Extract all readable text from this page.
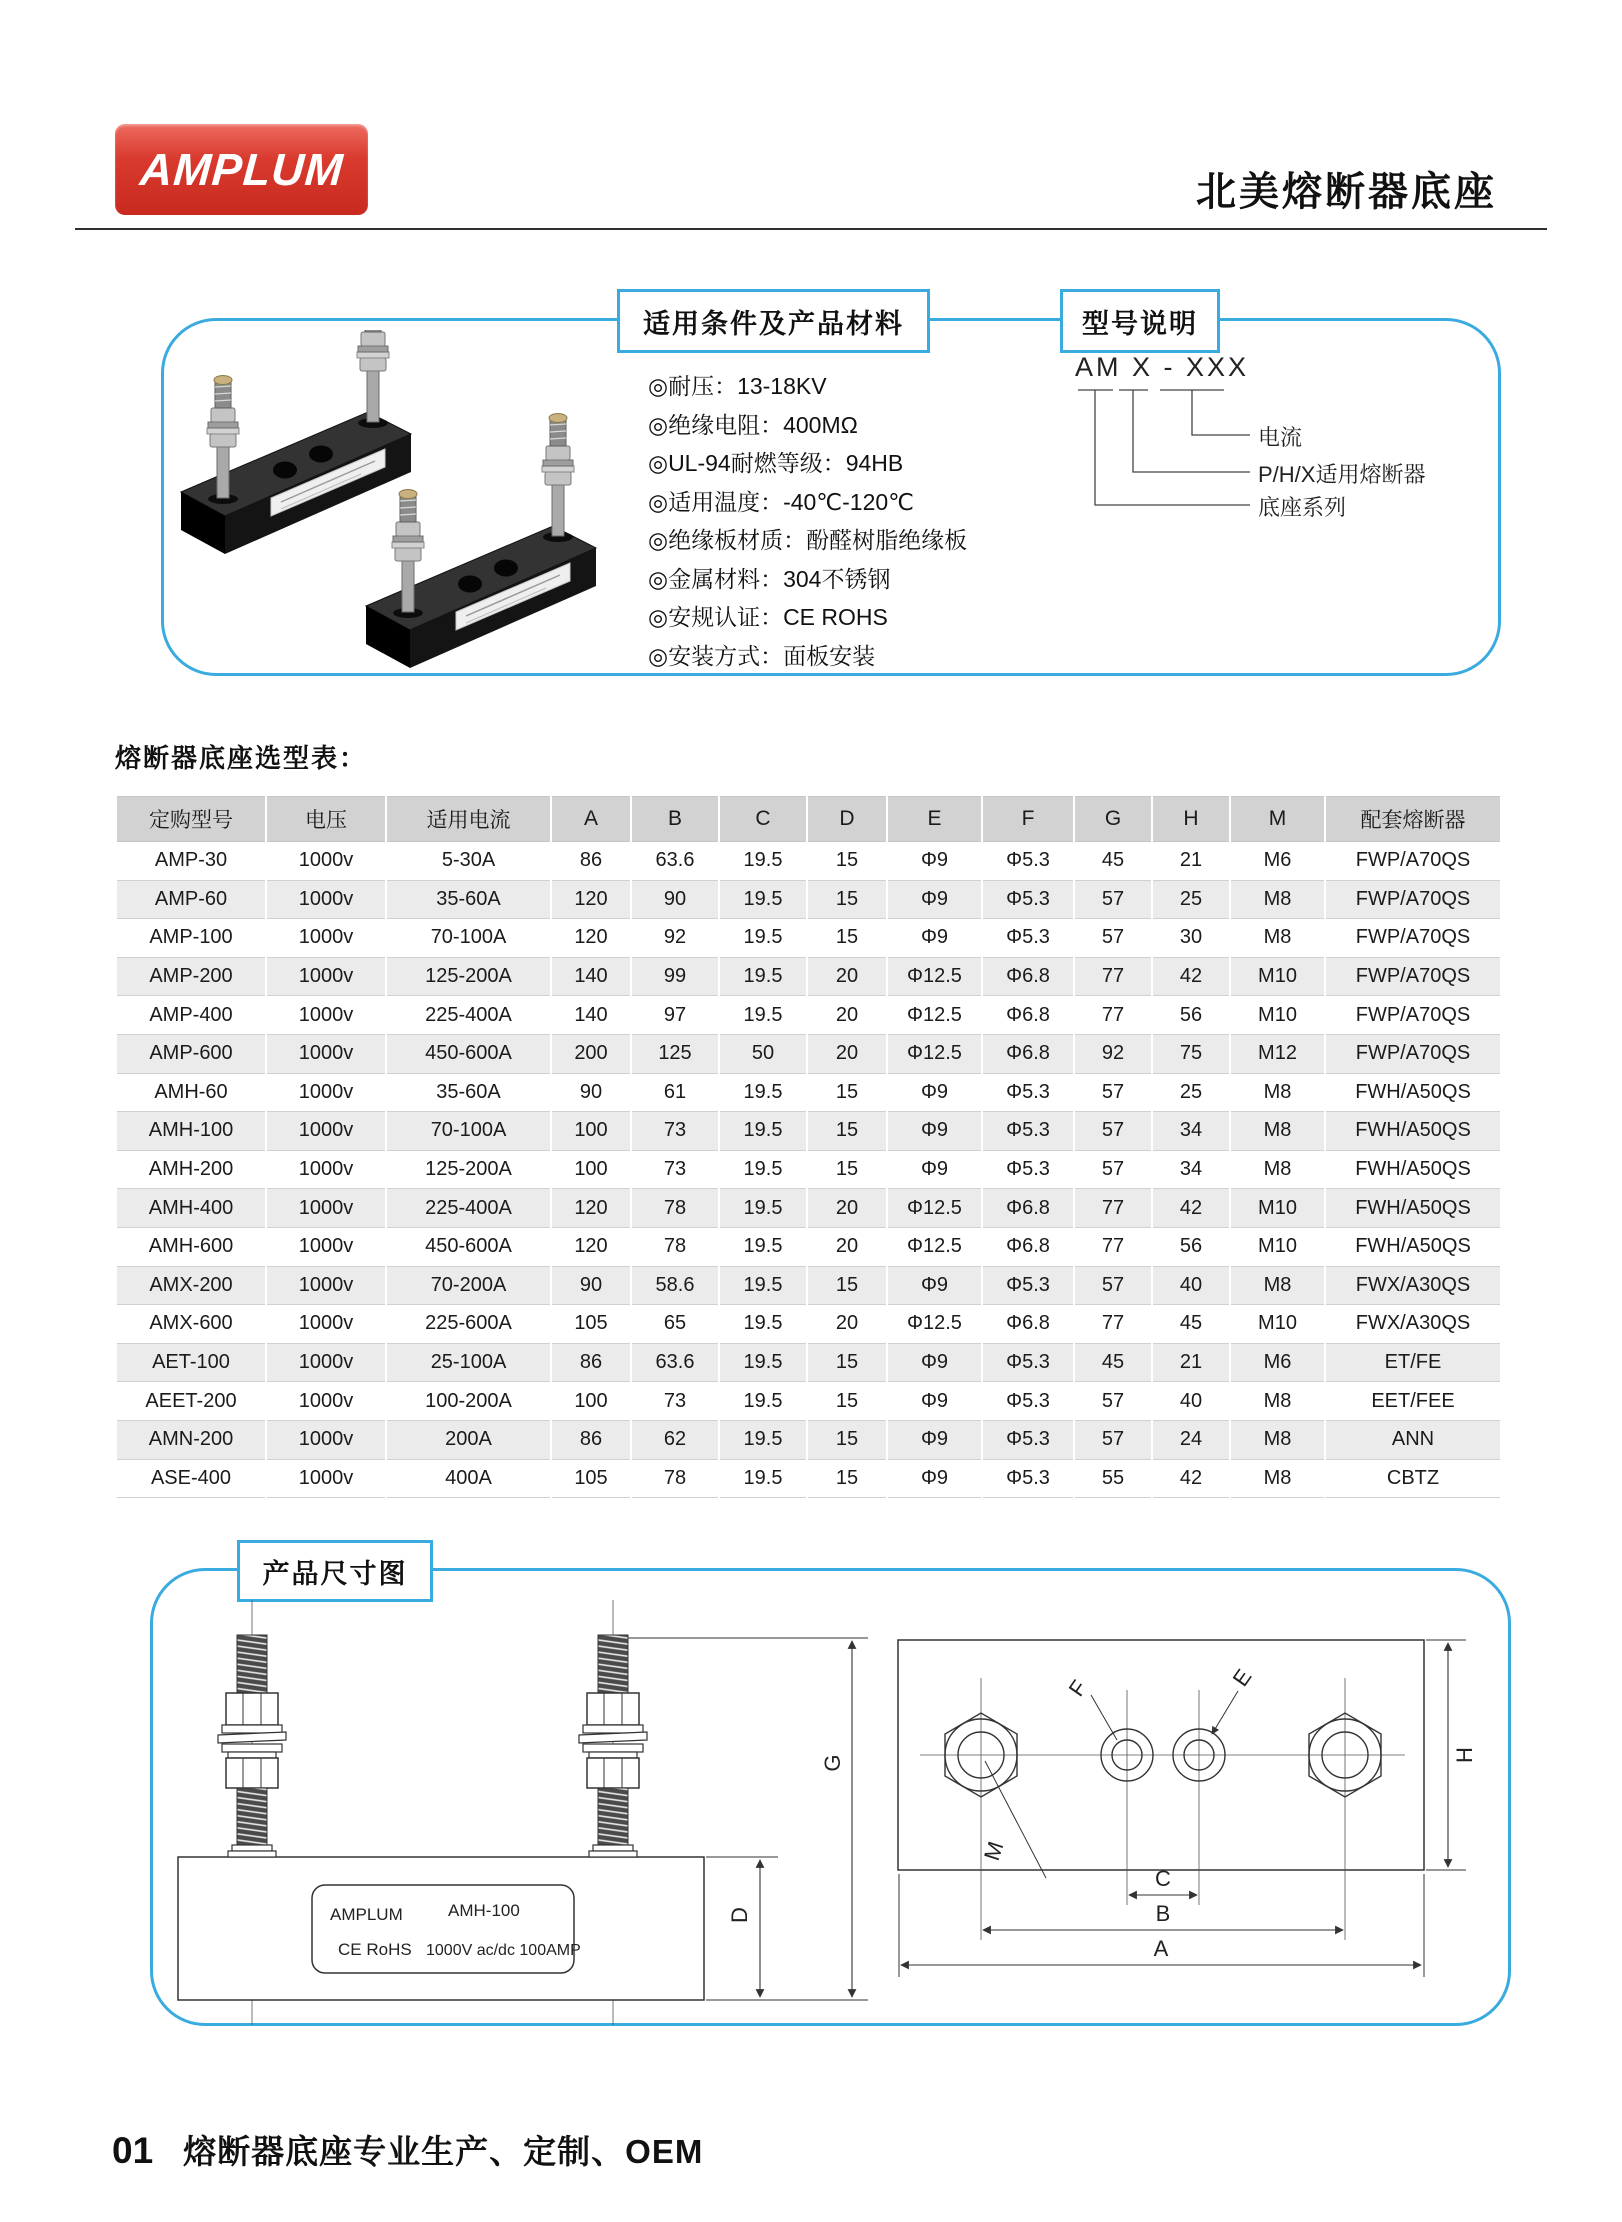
AMPLUM	北美熔断器底座
适用条件及产品材料	型号说明
◎耐压：13-18KV
◎绝缘电阻：400MΩ
◎UL-94耐燃等级：94HB
◎适用温度：-40℃-120℃
◎绝缘板材质：酚醛树脂绝缘板
◎金属材料：304不锈钢
◎安规认证：CE ROHS
◎安装方式：面板安装
AM X - XXX
电流
P/H/X适用熔断器
底座系列
熔断器底座选型表：
定购型号	电压	适用电流	A	B	C	D	E	F	G	H	M	配套熔断器
AMP-30	1000v	5-30A	86	63.6	19.5	15	Φ9	Φ5.3	45	21	M6	FWP/A70QS
AMP-60	1000v	35-60A	120	90	19.5	15	Φ9	Φ5.3	57	25	M8	FWP/A70QS
AMP-100	1000v	70-100A	120	92	19.5	15	Φ9	Φ5.3	57	30	M8	FWP/A70QS
AMP-200	1000v	125-200A	140	99	19.5	20	Φ12.5	Φ6.8	77	42	M10	FWP/A70QS
AMP-400	1000v	225-400A	140	97	19.5	20	Φ12.5	Φ6.8	77	56	M10	FWP/A70QS
AMP-600	1000v	450-600A	200	125	50	20	Φ12.5	Φ6.8	92	75	M12	FWP/A70QS
AMH-60	1000v	35-60A	90	61	19.5	15	Φ9	Φ5.3	57	25	M8	FWH/A50QS
AMH-100	1000v	70-100A	100	73	19.5	15	Φ9	Φ5.3	57	34	M8	FWH/A50QS
AMH-200	1000v	125-200A	100	73	19.5	15	Φ9	Φ5.3	57	34	M8	FWH/A50QS
AMH-400	1000v	225-400A	120	78	19.5	20	Φ12.5	Φ6.8	77	42	M10	FWH/A50QS
AMH-600	1000v	450-600A	120	78	19.5	20	Φ12.5	Φ6.8	77	56	M10	FWH/A50QS
AMX-200	1000v	70-200A	90	58.6	19.5	15	Φ9	Φ5.3	57	40	M8	FWX/A30QS
AMX-600	1000v	225-600A	105	65	19.5	20	Φ12.5	Φ6.8	77	45	M10	FWX/A30QS
AET-100	1000v	25-100A	86	63.6	19.5	15	Φ9	Φ5.3	45	21	M6	ET/FE
AEET-200	1000v	100-200A	100	73	19.5	15	Φ9	Φ5.3	57	40	M8	EET/FEE
AMN-200	1000v	200A	86	62	19.5	15	Φ9	Φ5.3	57	24	M8	ANN
ASE-400	1000v	400A	105	78	19.5	15	Φ9	Φ5.3	55	42	M8	CBTZ
产品尺寸图
AMPLUM	AMH-100
CE RoHS 1000V ac/dc 100AMP
G
D
F	E
M
C
B
A
H
01 熔断器底座专业生产、定制、OEM
